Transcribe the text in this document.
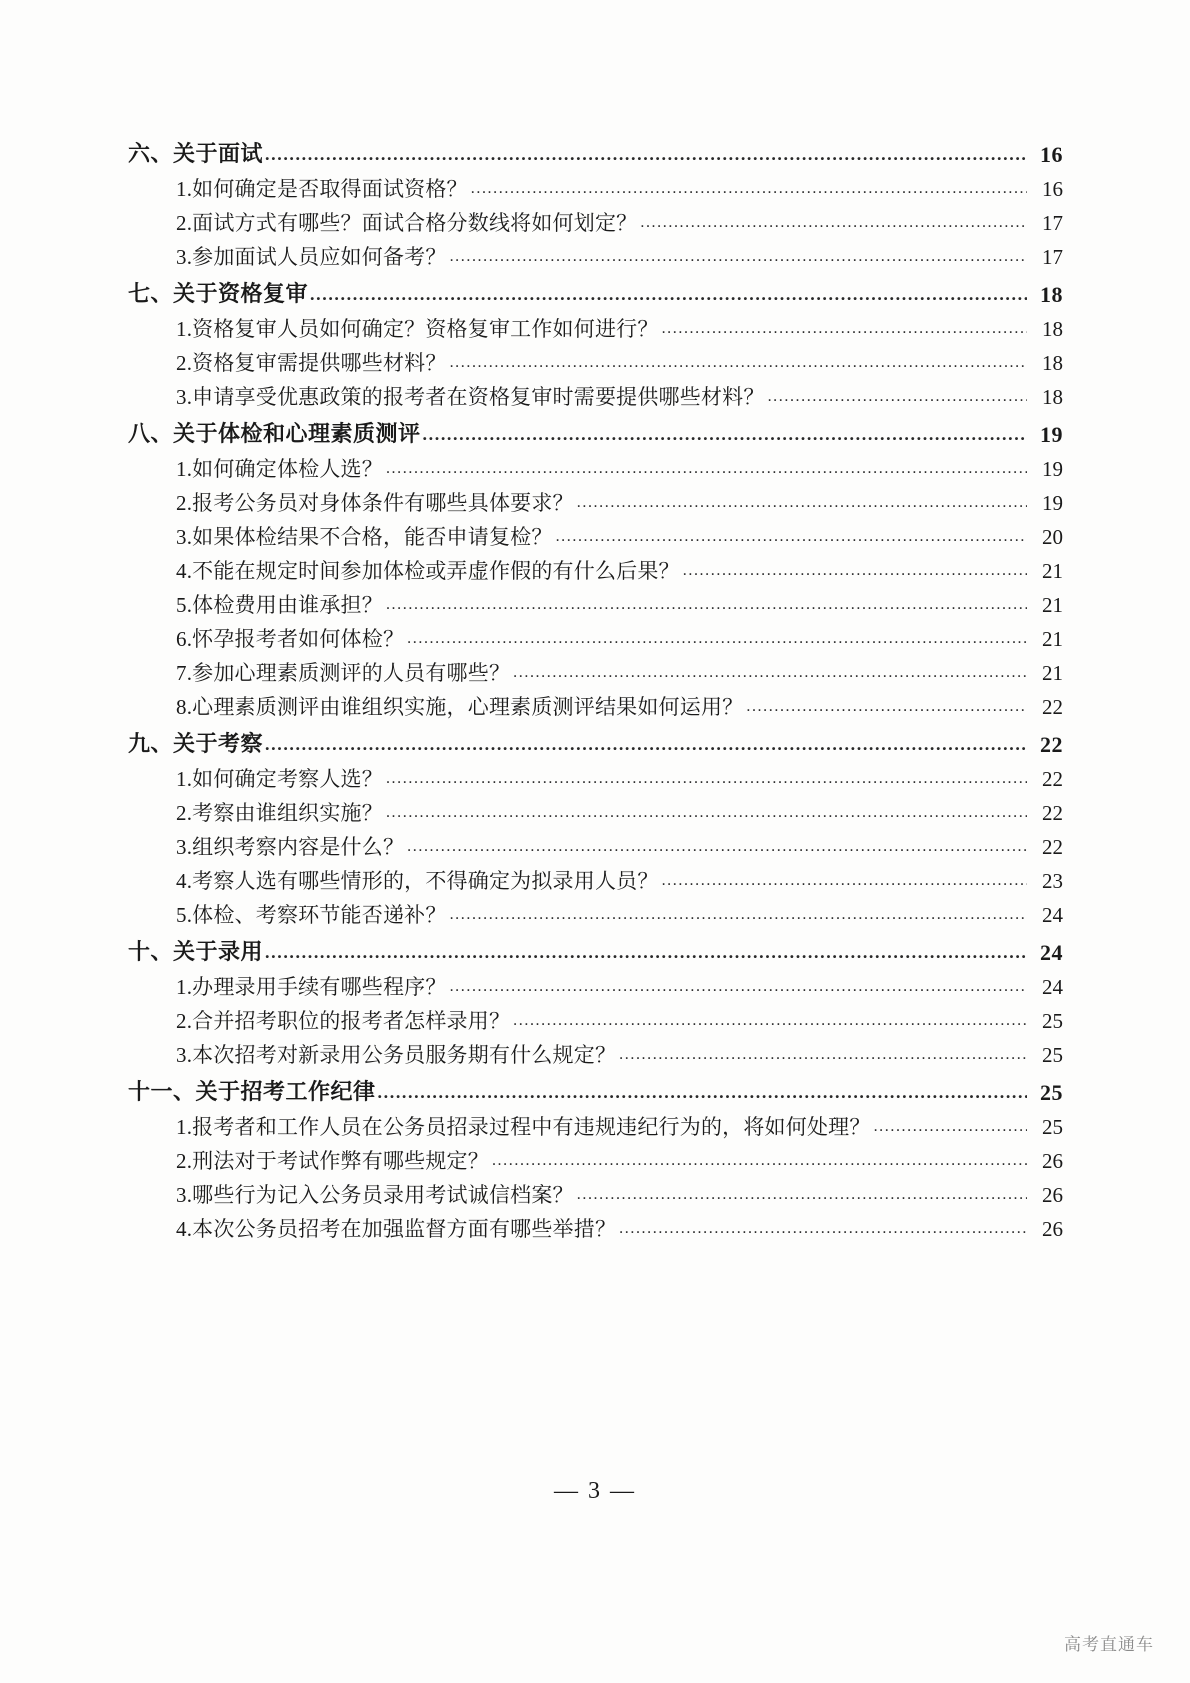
六、关于面试 .....	16
1.如何确定是否取得面试资格？ .....	16
2.面试方式有哪些？面试合格分数线将如何划定？ .....	17
3.参加面试人员应如何备考？ .....	17
七、关于资格复审 .....	18
1.资格复审人员如何确定？资格复审工作如何进行？ .....	18
2.资格复审需提供哪些材料？ .....	18
3.申请享受优惠政策的报考者在资格复审时需要提供哪些材料？ .....	18
八、关于体检和心理素质测评 .....	19
1.如何确定体检人选？ .....	19
2.报考公务员对身体条件有哪些具体要求？ .....	19
3.如果体检结果不合格，能否申请复检？ .....	20
4.不能在规定时间参加体检或弄虚作假的有什么后果？ .....	21
5.体检费用由谁承担？ .....	21
6.怀孕报考者如何体检？ .....	21
7.参加心理素质测评的人员有哪些？ .....	21
8.心理素质测评由谁组织实施，心理素质测评结果如何运用？ .....	22
九、关于考察 .....	22
1.如何确定考察人选？ .....	22
2.考察由谁组织实施？ .....	22
3.组织考察内容是什么？ .....	22
4.考察人选有哪些情形的，不得确定为拟录用人员？ .....	23
5.体检、考察环节能否递补？ .....	24
十、关于录用 .....	24
1.办理录用手续有哪些程序？ .....	24
2.合并招考职位的报考者怎样录用？ .....	25
3.本次招考对新录用公务员服务期有什么规定？ .....	25
十一、关于招考工作纪律 .....	25
1.报考者和工作人员在公务员招录过程中有违规违纪行为的，将如何处理？ .....	25
2.刑法对于考试作弊有哪些规定？ .....	26
3.哪些行为记入公务员录用考试诚信档案？ .....	26
4.本次公务员招考在加强监督方面有哪些举措？ .....	26
— 3 —
高考直通车
